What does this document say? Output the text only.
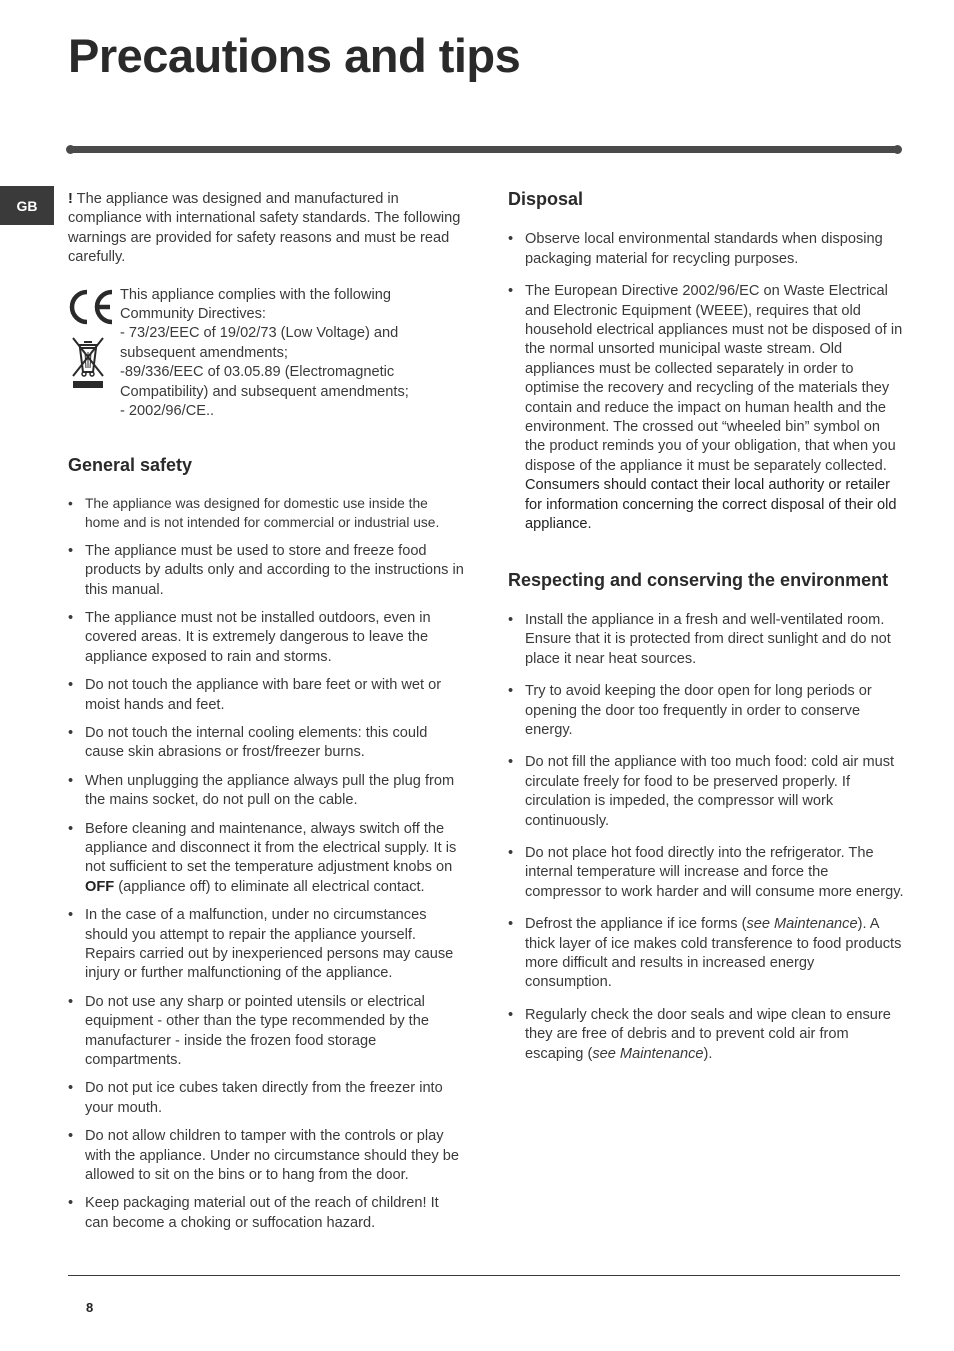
Precautions and tips
GB	! The appliance was designed and manufactured in compliance with international safety standards. The following warnings are provided for safety reasons and must be read carefully.

This appliance complies with the following Community Directives:
- 73/23/EEC of 19/02/73 (Low Voltage) and subsequent amendments;
-89/336/EEC of 03.05.89 (Electromagnetic Compatibility) and subsequent amendments;
- 2002/96/CE..
General safety
• The appliance was designed for domestic use inside the home and is not intended for commercial or industrial use.
• The appliance must be used to store and freeze food products by adults only and according to the instructions in this manual.
• The appliance must not be installed outdoors, even in covered areas. It is extremely dangerous to leave the appliance exposed to rain and storms.
• Do not touch the appliance with bare feet or with wet or moist hands and feet.
• Do not touch the internal cooling elements: this could cause skin abrasions or frost/freezer burns.
• When unplugging the appliance always pull the plug from the mains socket, do not pull on the cable.
• Before cleaning and maintenance, always switch off the appliance and disconnect it from the electrical supply. It is not sufficient to set the temperature adjustment knobs on OFF (appliance off) to eliminate all electrical contact.
• In the case of a malfunction, under no circumstances should you attempt to repair the appliance yourself. Repairs carried out by inexperienced persons may cause injury or further malfunctioning of the appliance.
• Do not use any sharp or pointed utensils or electrical equipment - other than the type recommended by the manufacturer - inside the frozen food storage compartments.
• Do not put ice cubes taken directly from the freezer into your mouth.
• Do not allow children to tamper with the controls or play with the appliance. Under no circumstance should they be allowed to sit on the bins or to hang from the door.
• Keep packaging material out of the reach of children! It can become a choking or suffocation hazard.
Disposal
• Observe local environmental standards when disposing packaging material for recycling purposes.
• The European Directive 2002/96/EC on Waste Electrical and Electronic Equipment (WEEE), requires that old household electrical appliances must not be disposed of in the normal unsorted municipal waste stream. Old appliances must be collected separately in order to optimise the recovery and recycling of the materials they contain and reduce the impact on human health and the environment. The crossed out “wheeled bin” symbol on the product reminds you of your obligation, that when you dispose of the appliance it must be separately collected.
Consumers should contact their local authority or retailer for information concerning the correct disposal of their old appliance.
Respecting and conserving the environment
• Install the appliance in a fresh and well-ventilated room. Ensure that it is protected from direct sunlight and do not place it near heat sources.
• Try to avoid keeping the door open for long periods or opening the door too frequently in order to conserve energy.
• Do not fill the appliance with too much food: cold air must circulate freely for food to be preserved properly. If circulation is impeded, the compressor will work continuously.
• Do not place hot food directly into the refrigerator. The internal temperature will increase and force the compressor to work harder and will consume more energy.
• Defrost the appliance if ice forms (see Maintenance). A thick layer of ice makes cold transference to food products more difficult and results in increased energy consumption.
• Regularly check the door seals and wipe clean to ensure they are free of debris and to prevent cold air from escaping (see Maintenance).
8
